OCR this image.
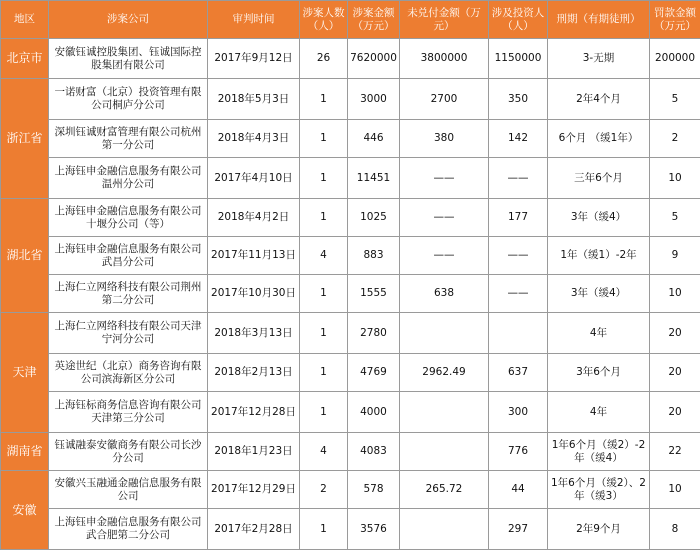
地区	涉案公司	审判时间	涉案人数（人）	涉案金额（万元）	未兑付金额（万元）	涉及投资人（人）	刑期（有期徒刑）	罚款金额（万元）
北京市	安徽钰诚控股集团、钰诚国际控股集团有限公司	2017年9月12日	26	7620000	3800000	1150000	3-无期	200000
浙江省	一诺财富（北京）投资管理有限公司桐庐分公司	2018年5月3日	1	3000	2700	350	2年4个月	5
	深圳钰诚财富管理有限公司杭州第一分公司	2018年4月3日	1	446	380	142	6个月 （缓1年）	2
	上海钰申金融信息服务有限公司温州分公司	2017年4月10日	1	11451	——	——	三年6个月	10
湖北省	上海钰申金融信息服务有限公司十堰分公司（等）	2018年4月2日	1	1025	——	177	3年（缓4）	5
	上海钰申金融信息服务有限公司武昌分公司	2017年11月13日	4	883	——	——	1年（缓1）-2年	9
	上海仁立网络科技有限公司荆州第二分公司	2017年10月30日	1	1555	638	——	3年（缓4）	10
天津	上海仁立网络科技有限公司天津宁河分公司	2018年3月13日	1	2780			4年	20
	英途世纪（北京）商务咨询有限公司滨海新区分公司	2018年2月13日	1	4769	2962.49	637	3年6个月	20
	上海钰标商务信息咨询有限公司天津第三分公司	2017年12月28日	1	4000		300	4年	20
湖南省	钰诚融泰安徽商务有限公司长沙分公司	2018年1月23日	4	4083		776	1年6个月（缓2）-2年（缓4）	22
安徽	安徽兴玉融通金融信息服务有限公司	2017年12月29日	2	578	265.72	44	1年6个月（缓2）、2年（缓3）	10
	上海钰申金融信息服务有限公司武合肥第二分公司	2017年2月28日	1	3576		297	2年9个月	8
